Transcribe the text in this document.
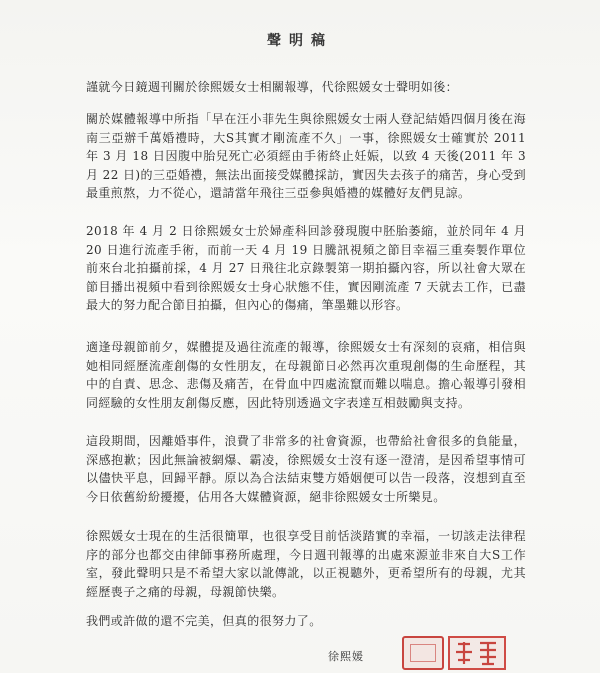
聲明稿
謹就今日鏡週刊關於徐熙媛女士相關報導，代徐熙媛女士聲明如後：
關於媒體報導中所指「早在汪小菲先生與徐熙媛女士兩人登記結婚四個月後在海南三亞辦千萬婚禮時，大S其實才剛流產不久」一事，徐熙媛女士確實於 2011 年 3 月 18 日因腹中胎兒死亡必須經由手術終止妊娠，以致 4 天後(2011 年 3 月 22 日)的三亞婚禮，無法出面接受媒體採訪，實因失去孩子的痛苦，身心受到最重煎熬，力不從心，還請當年飛往三亞參與婚禮的媒體好友們見諒。
2018 年 4 月 2 日徐熙媛女士於婦產科回診發現腹中胚胎萎縮，並於同年 4 月 20 日進行流產手術，而前一天 4 月 19 日騰訊視頻之節目幸福三重奏製作單位前來台北拍攝前採，4 月 27 日飛往北京錄製第一期拍攝內容，所以社會大眾在節目播出視頻中看到徐熙媛女士身心狀態不佳，實因剛流產 7 天就去工作，已盡最大的努力配合節目拍攝，但內心的傷痛，筆墨難以形容。
適逢母親節前夕，媒體提及過往流產的報導，徐熙媛女士有深刻的哀痛，相信與她相同經歷流產創傷的女性朋友，在母親節日必然再次重現創傷的生命歷程，其中的自責、思念、悲傷及痛苦，在骨血中四處流竄而難以喘息。擔心報導引發相同經驗的女性朋友創傷反應，因此特別透過文字表達互相鼓勵與支持。
這段期間，因離婚事件，浪費了非常多的社會資源，也帶給社會很多的負能量，深感抱歉；因此無論被網爆、霸凌，徐熙媛女士沒有逐一澄清，是因希望事情可以儘快平息，回歸平靜。原以為合法結束雙方婚姻便可以告一段落，沒想到直至今日依舊紛紛擾擾，佔用各大媒體資源，絕非徐熙媛女士所樂見。
徐熙媛女士現在的生活很簡單，也很享受目前恬淡踏實的幸福，一切該走法律程序的部分也都交由律師事務所處理，今日週刊報導的出處來源並非來自大S工作室，發此聲明只是不希望大家以訛傳訛，以正視聽外，更希望所有的母親，尤其經歷喪子之痛的母親，母親節快樂。
我們或許做的還不完美，但真的很努力了。
徐熙媛
